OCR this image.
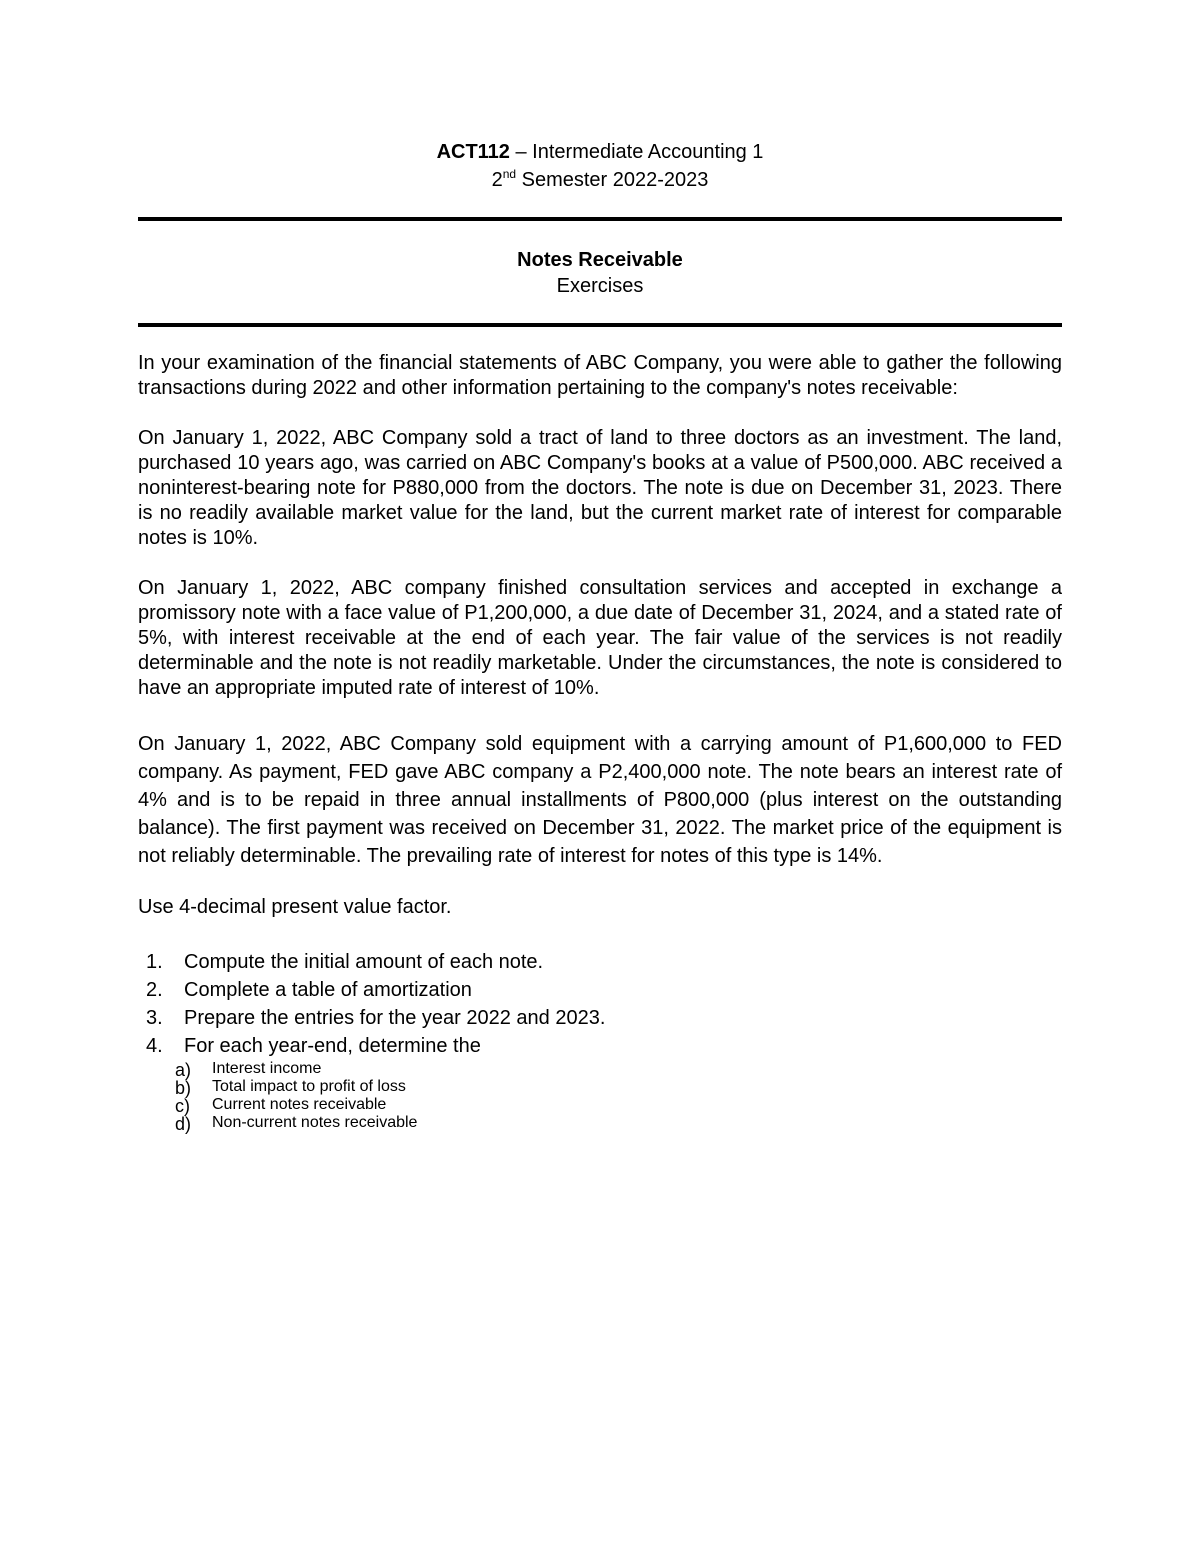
ACT112 – Intermediate Accounting 1

2nd Semester 2022-2023

Notes Receivable

Exercises

In your examination of the financial statements of ABC Company, you were able to gather the following transactions during 2022 and other information pertaining to the company's notes receivable:

On January 1, 2022, ABC Company sold a tract of land to three doctors as an investment. The land, purchased 10 years ago, was carried on ABC Company's books at a value of P500,000. ABC received a noninterest-bearing note for P880,000 from the doctors. The note is due on December 31, 2023. There is no readily available market value for the land, but the current market rate of interest for comparable notes is 10%.

On January 1, 2022, ABC company finished consultation services and accepted in exchange a promissory note with a face value of P1,200,000, a due date of December 31, 2024, and a stated rate of 5%, with interest receivable at the end of each year. The fair value of the services is not readily determinable and the note is not readily marketable. Under the circumstances, the note is considered to have an appropriate imputed rate of interest of 10%.

On January 1, 2022, ABC Company sold equipment with a carrying amount of P1,600,000 to FED company. As payment, FED gave ABC company a P2,400,000 note. The note bears an interest rate of 4% and is to be repaid in three annual installments of P800,000 (plus interest on the outstanding balance). The first payment was received on December 31, 2022. The market price of the equipment is not reliably determinable. The prevailing rate of interest for notes of this type is 14%.

Use 4-decimal present value factor.

1. Compute the initial amount of each note.
2. Complete a table of amortization
3. Prepare the entries for the year 2022 and 2023.
4. For each year-end, determine the
a) Interest income
b) Total impact to profit of loss
c) Current notes receivable
d) Non-current notes receivable
